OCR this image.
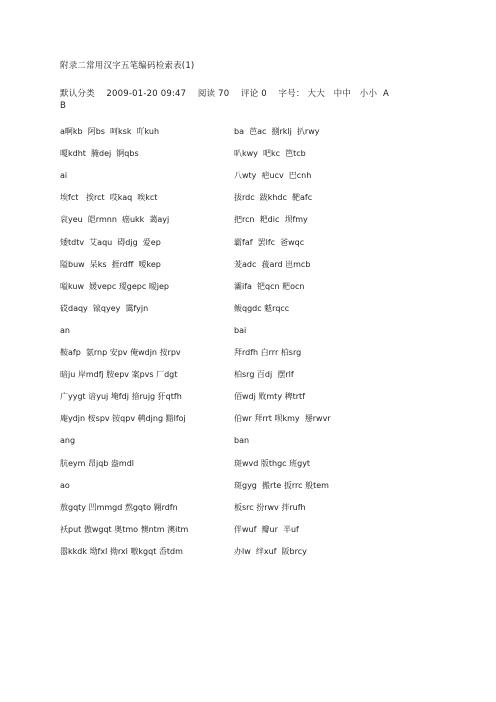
附录二常用汉字五笔编码检索表(1)
默认分类 2009-01-20 09:47 阅读 70 评论 0 字号： 大大 中中 小小 A
B
a啊kb  阿bs  呵ksk  吖kuh	ba  芭ac  捌rklj  扒rwy
嗄kdht  腌dej  锕qbs	叭kwy  吧kc  笆tcb
ai	八wty  疤ucv  巴cnh
埃fct   挨rct  哎kaq  唉kct	拔rdc  跋khdc  靶afc
哀yeu  皑rmnn  癌ukk  蔼ayj	把rcn  耙dic  坝fmy
矮tdtv  艾aqu  碍djg  爱ep	霸faf  罢lfc  爸wqc
隘buw  呆ks  捱rdff  嗳kep	茇adc  菝ard 岜mcb
嗌kuw  媛vepc 瑷gepc 暧jep	灞ifa  钯qcn 粑ocn
砹daqy  锿qyey  霭fyjn	鲅qgdc 魃rqcc
an	bai
鞍afp  氨rnp 安pv 俺wdjn 按rpv	拜rdfh 白rrr 柏srg
暗ju 岸mdfj 胺epv 案pvs 厂dgt	柏srg 百dj  摆rlf
广yygt 谙yuj 埯fdj 揞rujg 犴qtfh	佰wdj 败mty 稗trtf
庵ydjn 桉spv 铵qpv 鹌djng 黯lfoj	伯wr 拜rrt 呗kmy  掰rwvr
ang	ban
肮eym 昂jqb 盎mdl	斑wvd 版thgc 班gyt
ao	斑gyg  搬rte 扳rrc 般tem
敖gqty 凹mmgd 熬gqto 翱rdfn	板src 扮rwv 拌rufh
袄put 傲wgqt 奥tmo 懊ntm 澳itm	伴wuf  瓣ur  半uf
嚣kkdk 坳fxl 拗rxl 嗷kgqt 岙tdm	办lw  绊xuf  阪brcy
